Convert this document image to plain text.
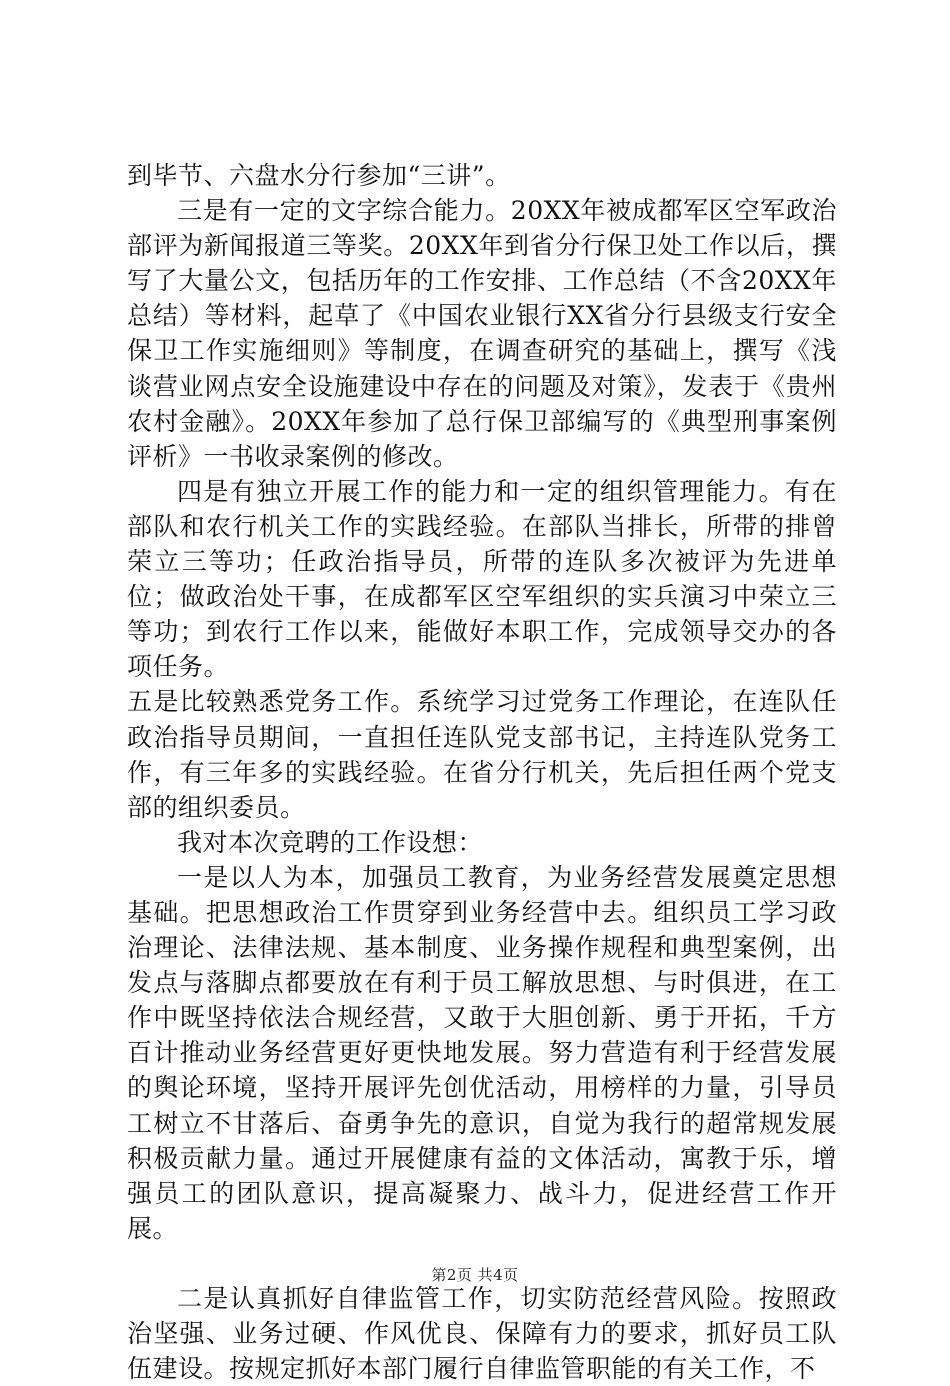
到毕节、六盘水分行参加“三讲”。

三是有一定的文字综合能力。20XX年被成都军区空军政治部评为新闻报道三等奖。20XX年到省分行保卫处工作以后，撰写了大量公文，包括历年的工作安排、工作总结（不含20XX年总结）等材料，起草了《中国农业银行XX省分行县级支行安全保卫工作实施细则》等制度，在调查研究的基础上，撰写《浅谈营业网点安全设施建设中存在的问题及对策》，发表于《贵州农村金融》。20XX年参加了总行保卫部编写的《典型刑事案例评析》一书收录案例的修改。

四是有独立开展工作的能力和一定的组织管理能力。有在部队和农行机关工作的实践经验。在部队当排长，所带的排曾荣立三等功；任政治指导员，所带的连队多次被评为先进单位；做政治处干事，在成都军区空军组织的实兵演习中荣立三等功；到农行工作以来，能做好本职工作，完成领导交办的各项任务。

五是比较熟悉党务工作。系统学习过党务工作理论，在连队任政治指导员期间，一直担任连队党支部书记，主持连队党务工作，有三年多的实践经验。在省分行机关，先后担任两个党支部的组织委员。

我对本次竞聘的工作设想：

一是以人为本，加强员工教育，为业务经营发展奠定思想基础。把思想政治工作贯穿到业务经营中去。组织员工学习政治理论、法律法规、基本制度、业务操作规程和典型案例，出发点与落脚点都要放在有利于员工解放思想、与时俱进，在工作中既坚持依法合规经营，又敢于大胆创新、勇于开拓，千方百计推动业务经营更好更快地发展。努力营造有利于经营发展的舆论环境，坚持开展评先创优活动，用榜样的力量，引导员工树立不甘落后、奋勇争先的意识，自觉为我行的超常规发展积极贡献力量。通过开展健康有益的文体活动，寓教于乐，增强员工的团队意识，提高凝聚力、战斗力，促进经营工作开展。

二是认真抓好自律监管工作，切实防范经营风险。按照政治坚强、业务过硬、作风优良、保障有力的要求，抓好员工队伍建设。按规定抓好本部门履行自律监管职能的有关工作，不

第2页 共4页
